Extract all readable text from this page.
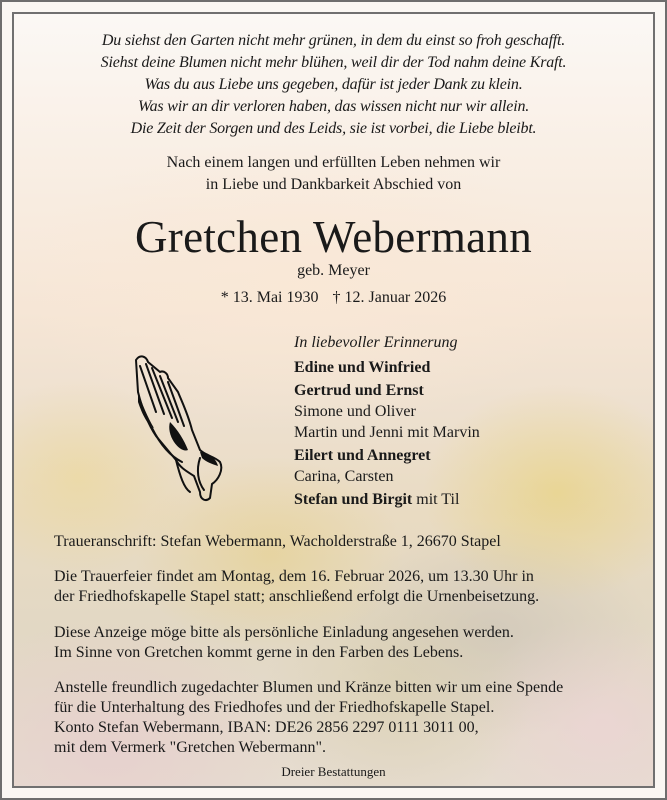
Du siehst den Garten nicht mehr grünen, in dem du einst so froh geschafft.
Siehst deine Blumen nicht mehr blühen, weil dir der Tod nahm deine Kraft.
Was du aus Liebe uns gegeben, dafür ist jeder Dank zu klein.
Was wir an dir verloren haben, das wissen nicht nur wir allein.
Die Zeit der Sorgen und des Leids, sie ist vorbei, die Liebe bleibt.
Nach einem langen und erfüllten Leben nehmen wir
in Liebe und Dankbarkeit Abschied von
Gretchen Webermann
geb. Meyer
* 13. Mai 1930 † 12. Januar 2026
In liebevoller Erinnerung
Edine und Winfried
Gertrud und Ernst
Simone und Oliver
Martin und Jenni mit Marvin
Eilert und Annegret
Carina, Carsten
Stefan und Birgit mit Til
Traueranschrift: Stefan Webermann, Wacholderstraße 1, 26670 Stapel
Die Trauerfeier findet am Montag, dem 16. Februar 2026, um 13.30 Uhr in
der Friedhofskapelle Stapel statt; anschließend erfolgt die Urnenbeisetzung.
Diese Anzeige möge bitte als persönliche Einladung angesehen werden.
Im Sinne von Gretchen kommt gerne in den Farben des Lebens.
Anstelle freundlich zugedachter Blumen und Kränze bitten wir um eine Spende
für die Unterhaltung des Friedhofes und der Friedhofskapelle Stapel.
Konto Stefan Webermann, IBAN: DE26 2856 2297 0111 3011 00,
mit dem Vermerk "Gretchen Webermann".
Dreier Bestattungen
